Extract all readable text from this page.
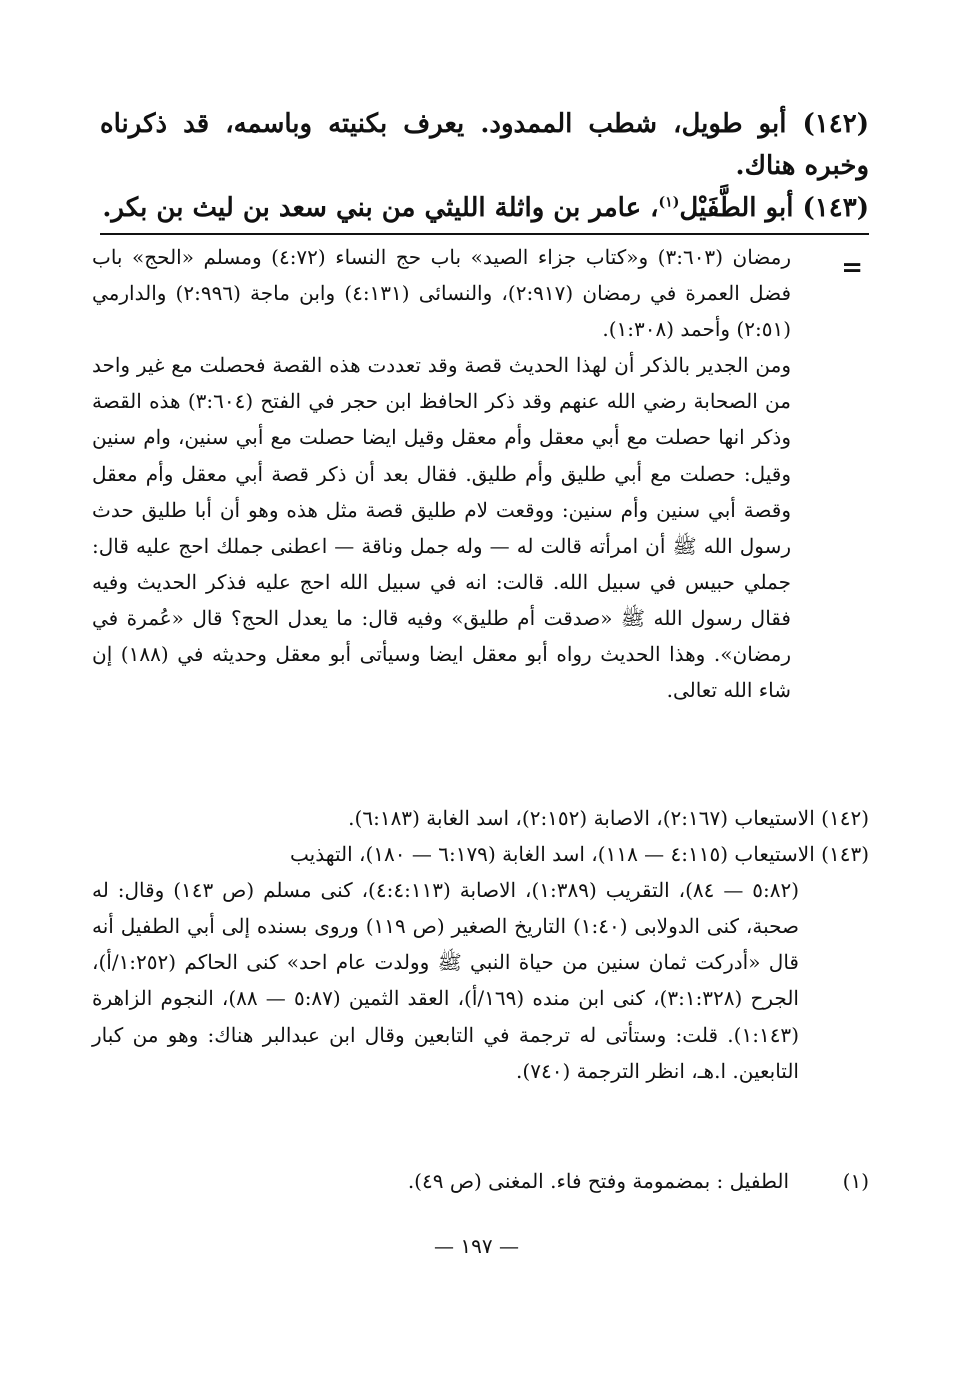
(١٤٢) أبو طويل، شطب الممدود. يعرف بكنيته وباسمه، قد ذكرناه وخبره هناك.

(١٤٣) أبو الطَّفَيْل$^{(١)}$، عامر بن واثلة الليثي من بني سعد بن ليث بن بكر.

=

رمضان (٣:٦٠٣) و«كتاب جزاء الصيد» باب حج النساء (٤:٧٢) ومسلم «الحج» باب فضل العمرة في رمضان (٢:٩١٧)، والنسائى (٤:١٣١) وابن ماجة (٢:٩٩٦) والدارمي (٢:٥١) وأحمد (١:٣٠٨).

ومن الجدير بالذكر أن لهذا الحديث قصة وقد تعددت هذه القصة فحصلت مع غير واحد من الصحابة رضي الله عنهم وقد ذكر الحافظ ابن حجر في الفتح (٣:٦٠٤) هذه القصة وذكر انها حصلت مع أبي معقل وأم معقل وقيل ايضا حصلت مع أبي سنين، وام سنين وقيل: حصلت مع أبي طليق وأم طليق. فقال بعد أن ذكر قصة أبي معقل وأم معقل وقصة أبي سنين وأم سنين: ووقعت لام طليق قصة مثل هذه وهو أن أبا طليق حدث رسول الله ﷺ أن امرأته قالت له — وله جمل وناقة — اعطنى جملك احج عليه قال: جملي حبيس في سبيل الله. قالت: انه في سبيل الله احج عليه فذكر الحديث وفيه فقال رسول الله ﷺ «صدقت أم طليق» وفيه قال: ما يعدل الحج؟ قال «عُمرة في رمضان». وهذا الحديث رواه أبو معقل ايضا وسيأتى أبو معقل وحديثه في (١٨٨) إن شاء الله تعالى.

(١٤٢) الاستيعاب (٢:١٦٧)، الاصابة (٢:١٥٢)، اسد الغابة (٦:١٨٣).

(١٤٣) الاستيعاب (٤:١١٥ — ١١٨)، اسد الغابة (٦:١٧٩ — ١٨٠)، التهذيب

(٥:٨٢ — ٨٤)، التقريب (١:٣٨٩)، الاصابة (٤:٤:١١٣)، كنى مسلم (ص ١٤٣) وقال: له صحبة، كنى الدولابى (١:٤٠) التاريخ الصغير (ص ١١٩) وروى بسنده إلى أبي الطفيل أنه قال «أدركت ثمان سنين من حياة النبي ﷺ وولدت عام احد» كنى الحاكم (١:٢٥٢/أ)، الجرح (٣:١:٣٢٨)، كنى ابن منده (١٦٩/أ)، العقد الثمين (٥:٨٧ — ٨٨)، النجوم الزاهرة (١:١٤٣). قلت: وستأتى له ترجمة في التابعين وقال ابن عبدالبر هناك: وهو من كبار التابعين. ا.هـ، انظر الترجمة (٧٤٠).

(١)
الطفيل : بمضمومة وفتح فاء. المغنى (ص ٤٩).
— ١٩٧ —
